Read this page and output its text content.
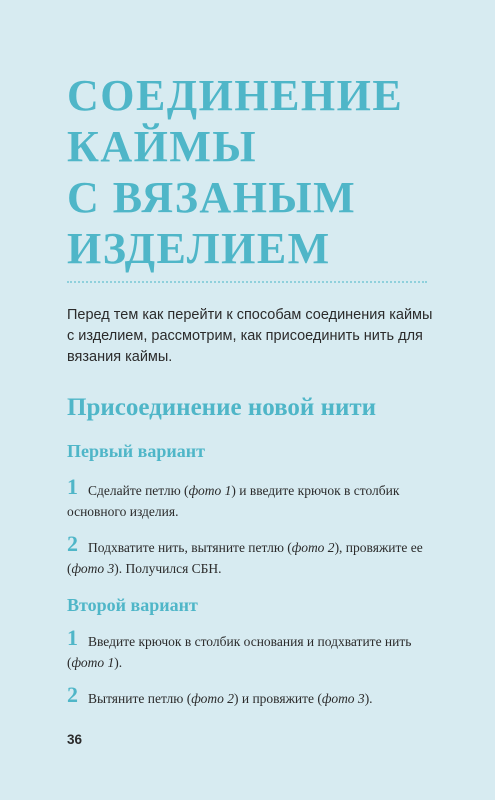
СОЕДИНЕНИЕ
КАЙМЫ
С ВЯЗАНЫМ
ИЗДЕЛИЕМ

Перед тем как перейти к способам соединения каймы с изделием, рассмотрим, как присоединить нить для вязания каймы.

Присоединение новой нити
Первый вариант
1 Сделайте петлю (фото 1) и введите крючок в столбик основного изделия.

2 Подхватите нить, вытяните петлю (фото 2), провяжите ее (фото 3). Получился СБН.

Второй вариант
1 Введите крючок в столбик основания и подхватите нить (фото 1).

2 Вытяните петлю (фото 2) и провяжите (фото 3).

36
